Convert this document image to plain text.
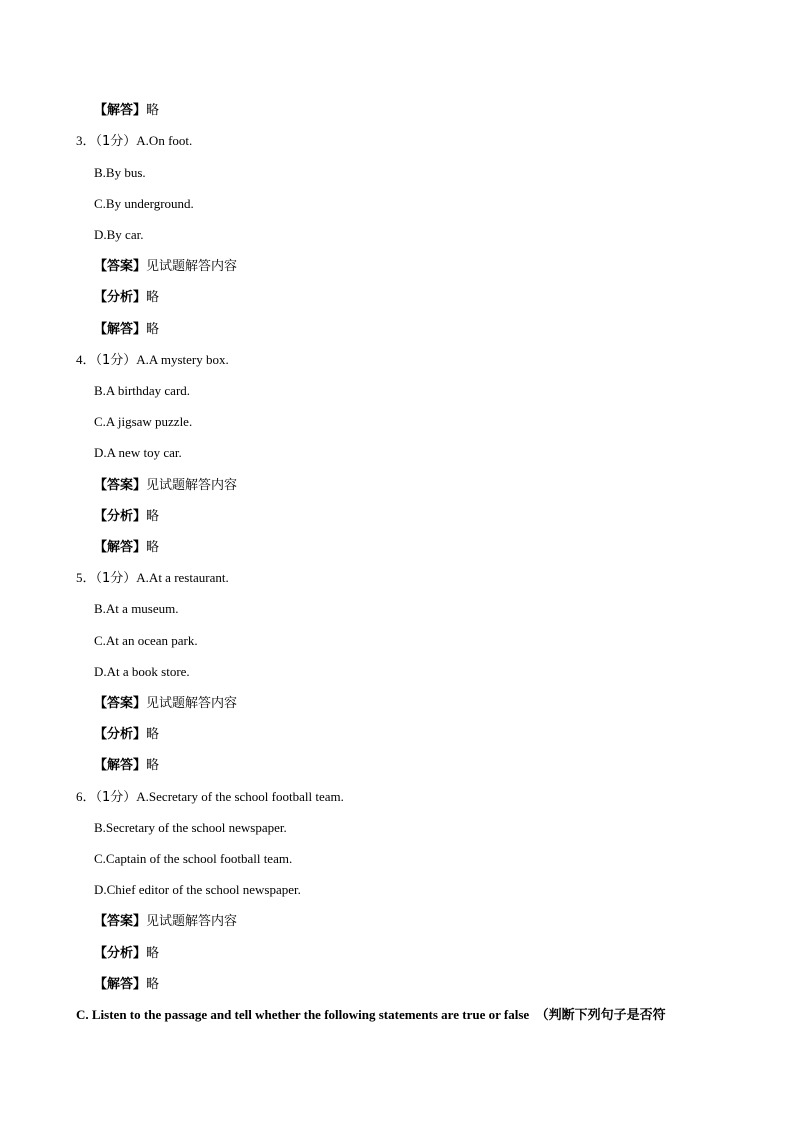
【解答】略
3．（1分）A.On foot.
B.By bus.
C.By underground.
D.By car.
【答案】见试题解答内容
【分析】略
【解答】略
4．（1分）A.A mystery box.
B.A birthday card.
C.A jigsaw puzzle.
D.A new toy car.
【答案】见试题解答内容
【分析】略
【解答】略
5．（1分）A.At a restaurant.
B.At a museum.
C.At an ocean park.
D.At a book store.
【答案】见试题解答内容
【分析】略
【解答】略
6．（1分）A.Secretary of the school football team.
B.Secretary of the school newspaper.
C.Captain of the school football team.
D.Chief editor of the school newspaper.
【答案】见试题解答内容
【分析】略
【解答】略
C. Listen to the passage and tell whether the following statements are true or false （判断下列句子是否符
